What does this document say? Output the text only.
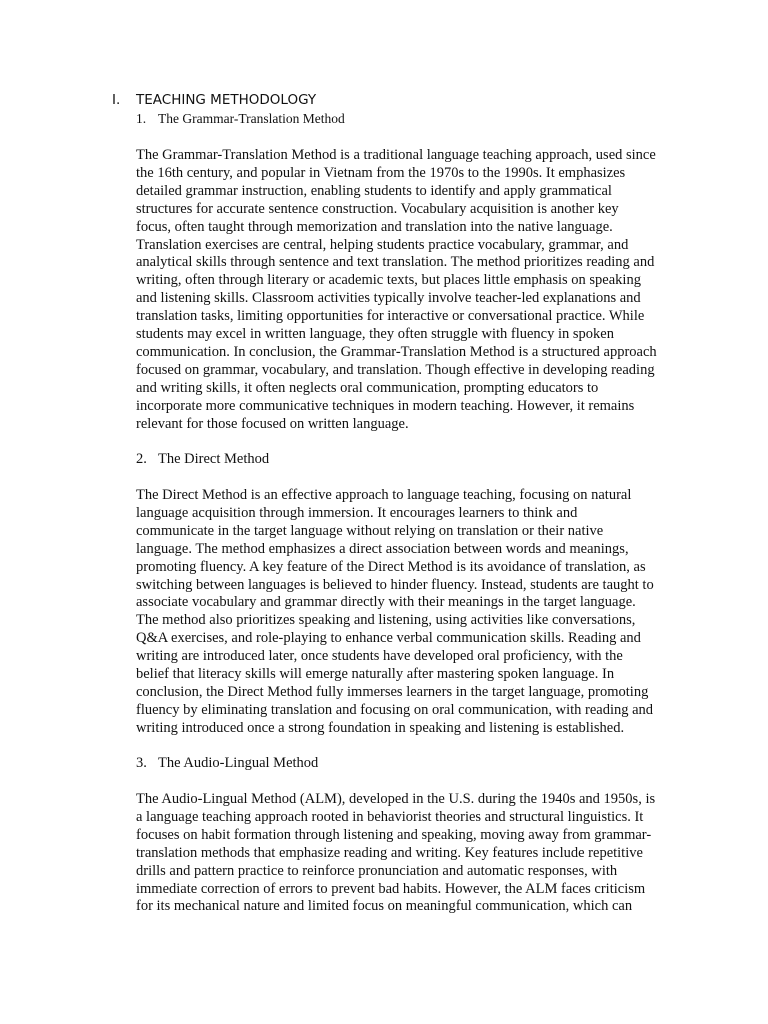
I.	TEACHING METHODOLOGY
1. The Grammar-Translation Method
The Grammar-Translation Method is a traditional language teaching approach, used since
the 16th century, and popular in Vietnam from the 1970s to the 1990s. It emphasizes
detailed grammar instruction, enabling students to identify and apply grammatical
structures for accurate sentence construction. Vocabulary acquisition is another key
focus, often taught through memorization and translation into the native language.
Translation exercises are central, helping students practice vocabulary, grammar, and
analytical skills through sentence and text translation. The method prioritizes reading and
writing, often through literary or academic texts, but places little emphasis on speaking
and listening skills. Classroom activities typically involve teacher-led explanations and
translation tasks, limiting opportunities for interactive or conversational practice. While
students may excel in written language, they often struggle with fluency in spoken
communication. In conclusion, the Grammar-Translation Method is a structured approach
focused on grammar, vocabulary, and translation. Though effective in developing reading
and writing skills, it often neglects oral communication, prompting educators to
incorporate more communicative techniques in modern teaching. However, it remains
relevant for those focused on written language.
2. The Direct Method
The Direct Method is an effective approach to language teaching, focusing on natural
language acquisition through immersion. It encourages learners to think and
communicate in the target language without relying on translation or their native
language. The method emphasizes a direct association between words and meanings,
promoting fluency. A key feature of the Direct Method is its avoidance of translation, as
switching between languages is believed to hinder fluency. Instead, students are taught to
associate vocabulary and grammar directly with their meanings in the target language.
The method also prioritizes speaking and listening, using activities like conversations,
Q&A exercises, and role-playing to enhance verbal communication skills. Reading and
writing are introduced later, once students have developed oral proficiency, with the
belief that literacy skills will emerge naturally after mastering spoken language. In
conclusion, the Direct Method fully immerses learners in the target language, promoting
fluency by eliminating translation and focusing on oral communication, with reading and
writing introduced once a strong foundation in speaking and listening is established.
3. The Audio-Lingual Method
The Audio-Lingual Method (ALM), developed in the U.S. during the 1940s and 1950s, is
a language teaching approach rooted in behaviorist theories and structural linguistics. It
focuses on habit formation through listening and speaking, moving away from grammar-
translation methods that emphasize reading and writing. Key features include repetitive
drills and pattern practice to reinforce pronunciation and automatic responses, with
immediate correction of errors to prevent bad habits. However, the ALM faces criticism
for its mechanical nature and limited focus on meaningful communication, which can
